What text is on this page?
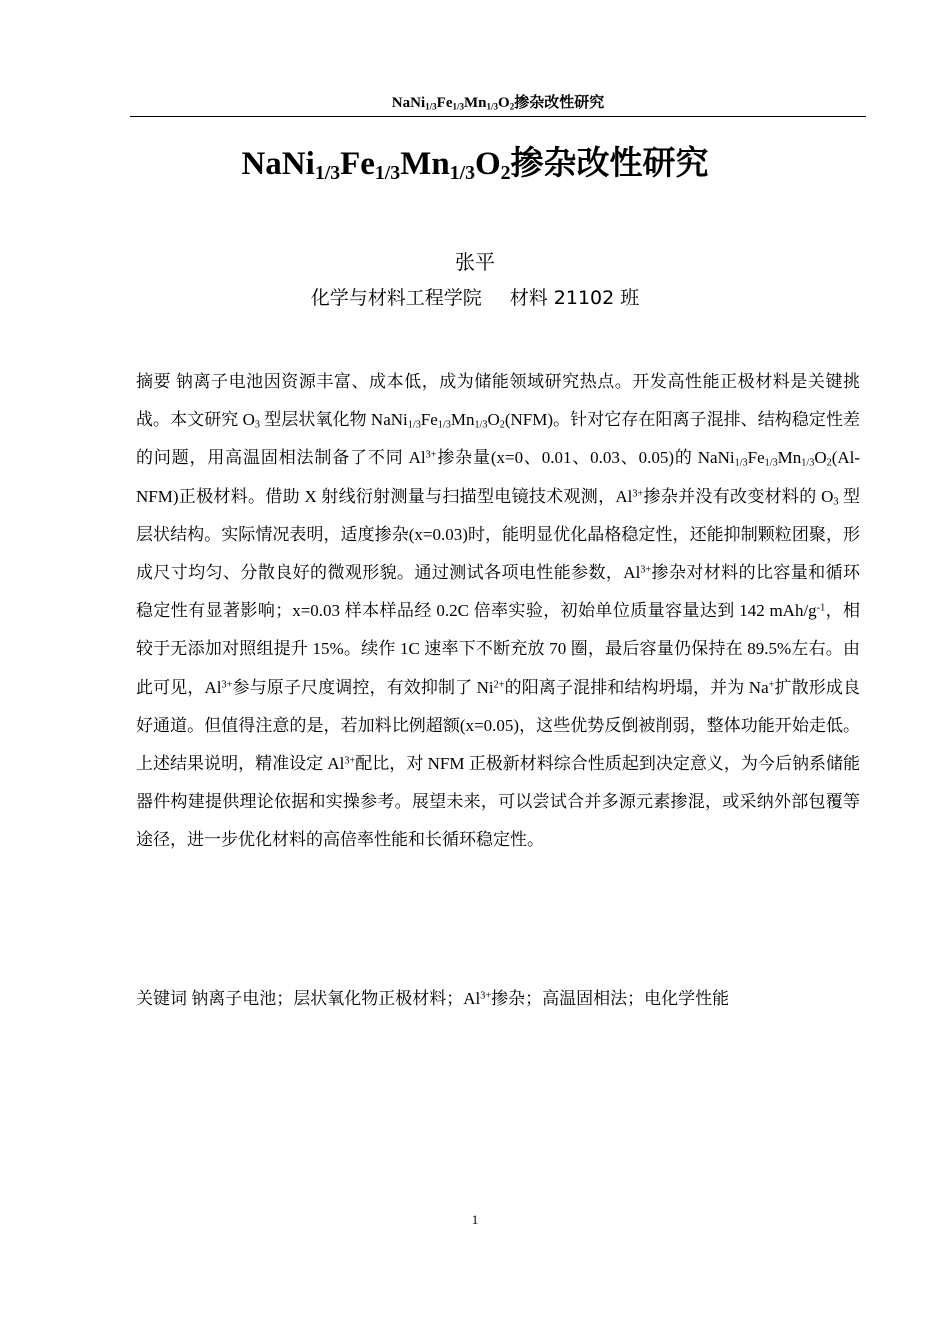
$NaNi_{1/3}Fe_{1/3}Mn_{1/3}O_2$掺杂改性研究
$NaNi_{1/3}Fe_{1/3}Mn_{1/3}O_2$掺杂改性研究
张平
化学与材料工程学院 材料 21102 班
摘要 钠离子电池因资源丰富、成本低，成为储能领域研究热点。开发高性能正极材料是关键挑战。本文研究 $O_3$ 型层状氧化物 $NaNi_{1/3}Fe_{1/3}Mn_{1/3}O_2(NFM)$。针对它存在阳离子混排、结构稳定性差的问题，用高温固相法制备了不同 $Al^{3+}$掺杂量(x=0、0.01、0.03、0.05)的 $NaNi_{1/3}Fe_{1/3}Mn_{1/3}O_2(Al-NFM)$正极材料。借助 X 射线衍射测量与扫描型电镜技术观测，$Al^{3+}$掺杂并没有改变材料的 $O_3$ 型层状结构。实际情况表明，适度掺杂(x=0.03)时，能明显优化晶格稳定性，还能抑制颗粒团聚，形成尺寸均匀、分散良好的微观形貌。通过测试各项电性能参数，$Al^{3+}$掺杂对材料的比容量和循环稳定性有显著影响；x=0.03 样本样品经 0.2C 倍率实验，初始单位质量容量达到 142 mAh/$g^{-1}$，相较于无添加对照组提升 15%。续作 1C 速率下不断充放 70 圈，最后容量仍保持在 89.5%左右。由此可见，$Al^{3+}$参与原子尺度调控，有效抑制了 $Ni^{2+}$的阳离子混排和结构坍塌，并为 Na+扩散形成良好通道。但值得注意的是，若加料比例超额(x=0.05)，这些优势反倒被削弱，整体功能开始走低。上述结果说明，精准设定 $Al^{3+}$配比，对 NFM 正极新材料综合性质起到决定意义，为今后钠系储能器件构建提供理论依据和实操参考。展望未来，可以尝试合并多源元素掺混，或采纳外部包覆等途径，进一步优化材料的高倍率性能和长循环稳定性。
关键词 钠离子电池；层状氧化物正极材料；$Al^{3+}$掺杂；高温固相法；电化学性能
1
